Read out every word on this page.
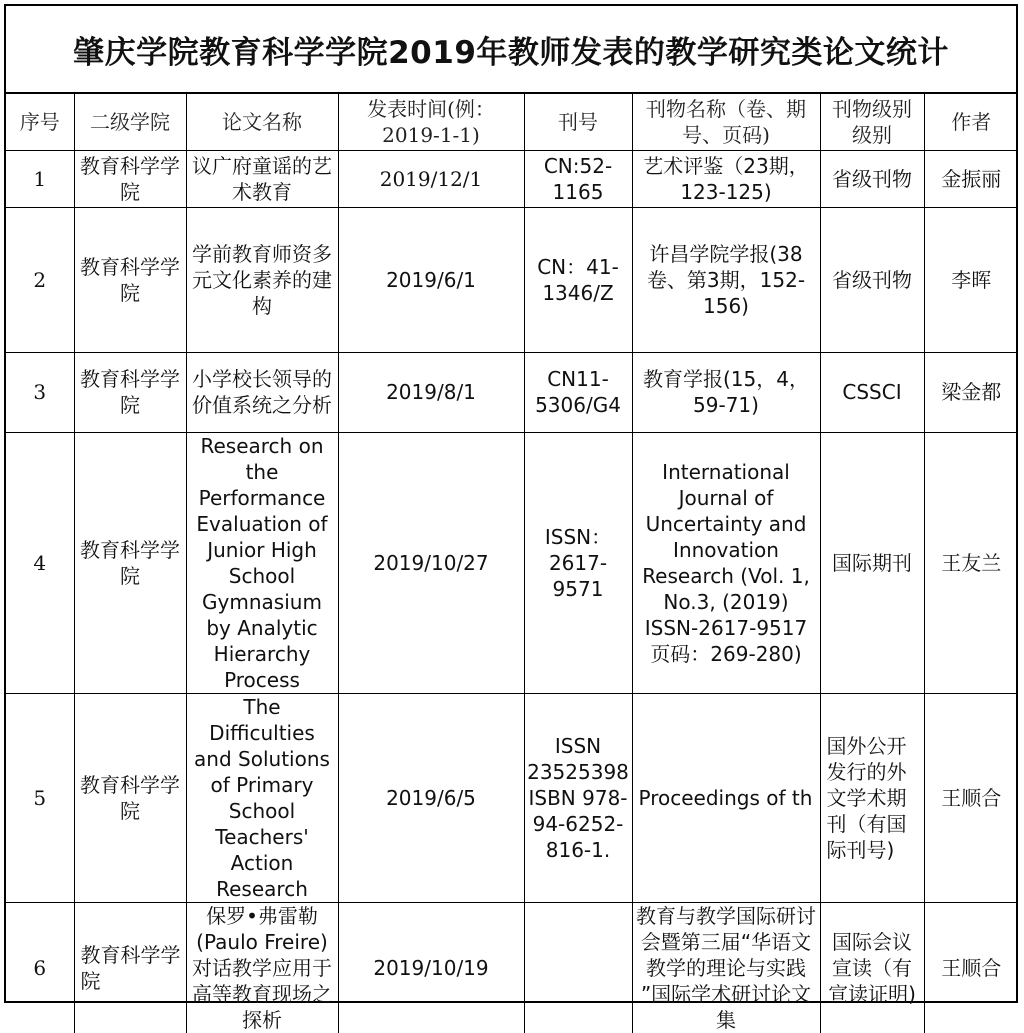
肇庆学院教育科学学院2019年教师发表的教学研究类论文统计
序号	二级学院	论文名称	发表时间(例：2019-1-1)	刊号	刊物名称（卷、期号、页码)	刊物级别级别	作者
1	教育科学学院	议广府童谣的艺术教育	2019/12/1	CN:52-1165	艺术评鉴（23期，123-125)	省级刊物	金振丽
2	教育科学学院	学前教育师资多元文化素养的建构	2019/6/1	CN：41-1346/Z	许昌学院学报(38卷、第3期，152-156)	省级刊物	李晖
3	教育科学学院	小学校长领导的价值系统之分析	2019/8/1	CN11-5306/G4	教育学报(15，4，59-71)	CSSCI	梁金都
4	教育科学学院	Research on the Performance Evaluation of Junior High School Gymnasium by Analytic Hierarchy Process	2019/10/27	ISSN：2617-9571	International Journal of Uncertainty and Innovation Research (Vol. 1, No.3, (2019) ISSN-2617-9517 页码：269-280)	国际期刊	王友兰
5	教育科学学院	The Difficulties and Solutions of Primary School Teachers' Action Research	2019/6/5	ISSN 23525398 ISBN 978-94-6252-816-1.	Proceedings of th	国外公开发行的外文学术期刊（有国际刊号)	王顺合
6	教育科学学院	保罗•弗雷勒(Paulo Freire)对话教学应用于高等教育现场之探析	2019/10/19		教育与教学国际研讨会暨第三届“华语文教学的理论与实践 ”国际学术研讨论文集	国际会议宣读（有宣读证明)	王顺合
